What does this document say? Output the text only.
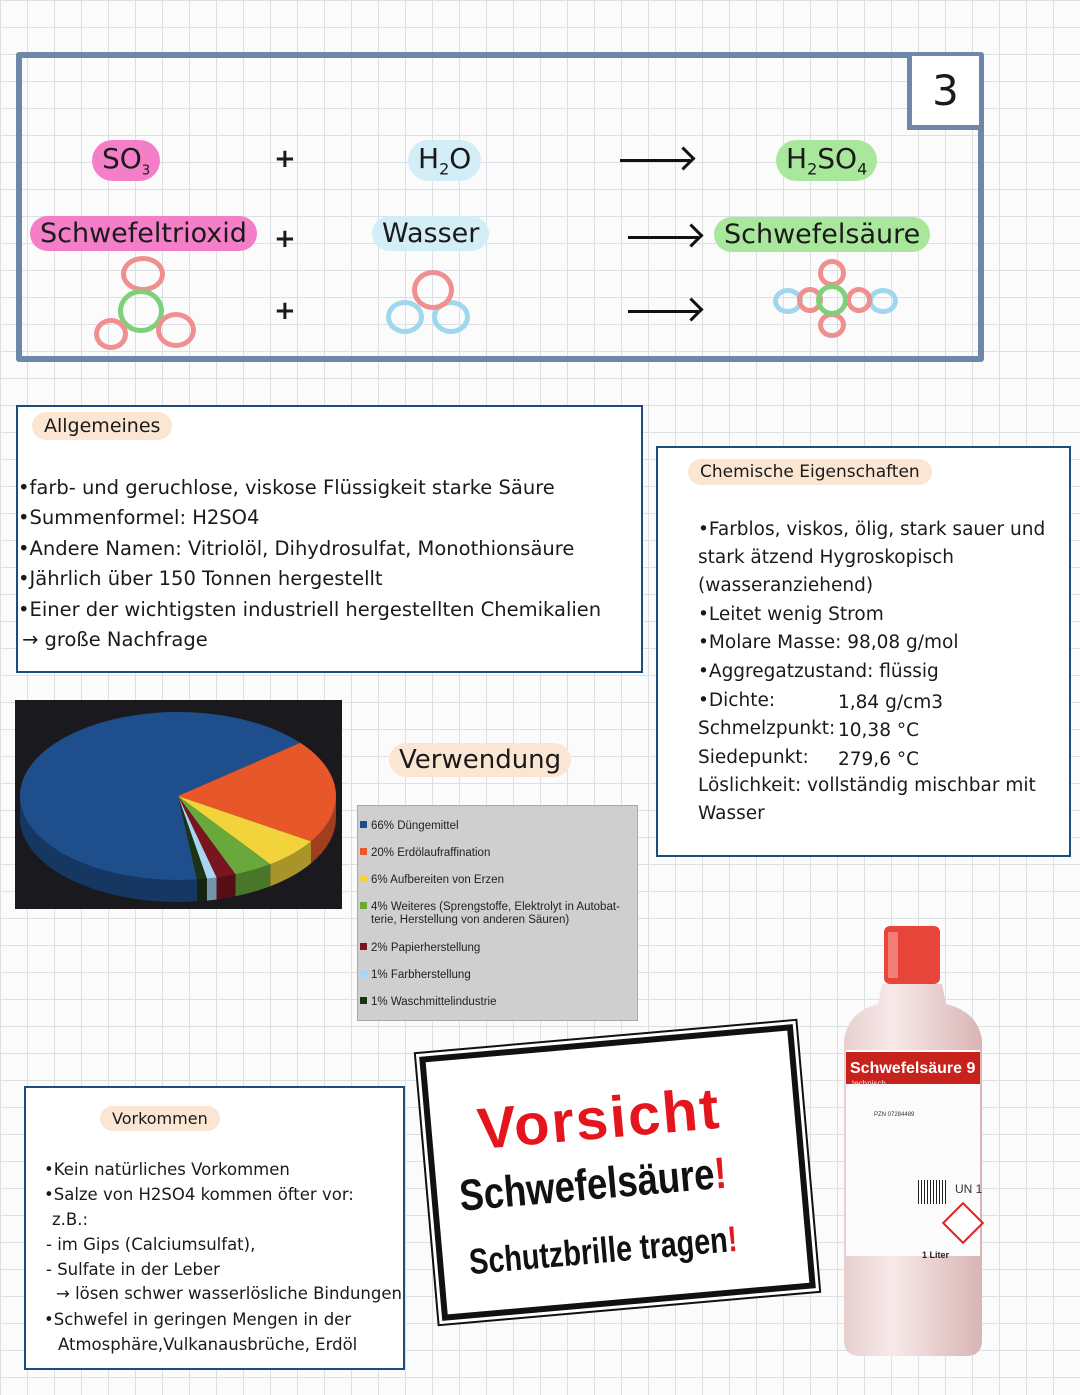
3
$SO_3$	+	$H_2O$	$H_2SO_4$
Schwefeltrioxid	+	Wasser	Schwefelsäure
+
Allgemeines
•farb- und geruchlose, viskose Flüssigkeit starke Säure
•Summenformel: H2SO4
•Andere Namen: Vitriolöl, Dihydrosulfat, Monothionsäure
•Jährlich über 150 Tonnen hergestellt
•Einer der wichtigsten industriell hergestellten Chemikalien
→ große Nachfrage
Chemische Eigenschaften
•Farblos, viskos, ölig, stark sauer und
stark ätzend Hygroskopisch
(wasseranziehend)
•Leitet wenig Strom
•Molare Masse: 98,08 g/mol
•Aggregatzustand: flüssig
•Dichte:	1,84 g/cm3
Schmelzpunkt: 10,38 °C
Siedepunkt: 279,6 °C
Löslichkeit: vollständig mischbar mit
Wasser
Verwendung
66% Düngemittel
20% Erdölaufraffination
6% Aufbereiten von Erzen
4% Weiteres (Sprengstoffe, Elektrolyt in Autobat-
terie, Herstellung von anderen Säuren)
2% Papierherstellung
1% Farbherstellung
1% Waschmittelindustrie
Vorkommen
•Kein natürliches Vorkommen
•Salze von H2SO4 kommen öfter vor:
z.B.:
- im Gips (Calciumsulfat),
- Sulfate in der Leber
→ lösen schwer wasserlösliche Bindungen
•Schwefel in geringen Mengen in der
Atmosphäre,Vulkanausbrüche, Erdöl
Vorsicht
Schwefelsäure!
Schutzbrille tragen!
Schwefelsäure 9
technisch
PZN 07284489
UN 1
1 Liter
